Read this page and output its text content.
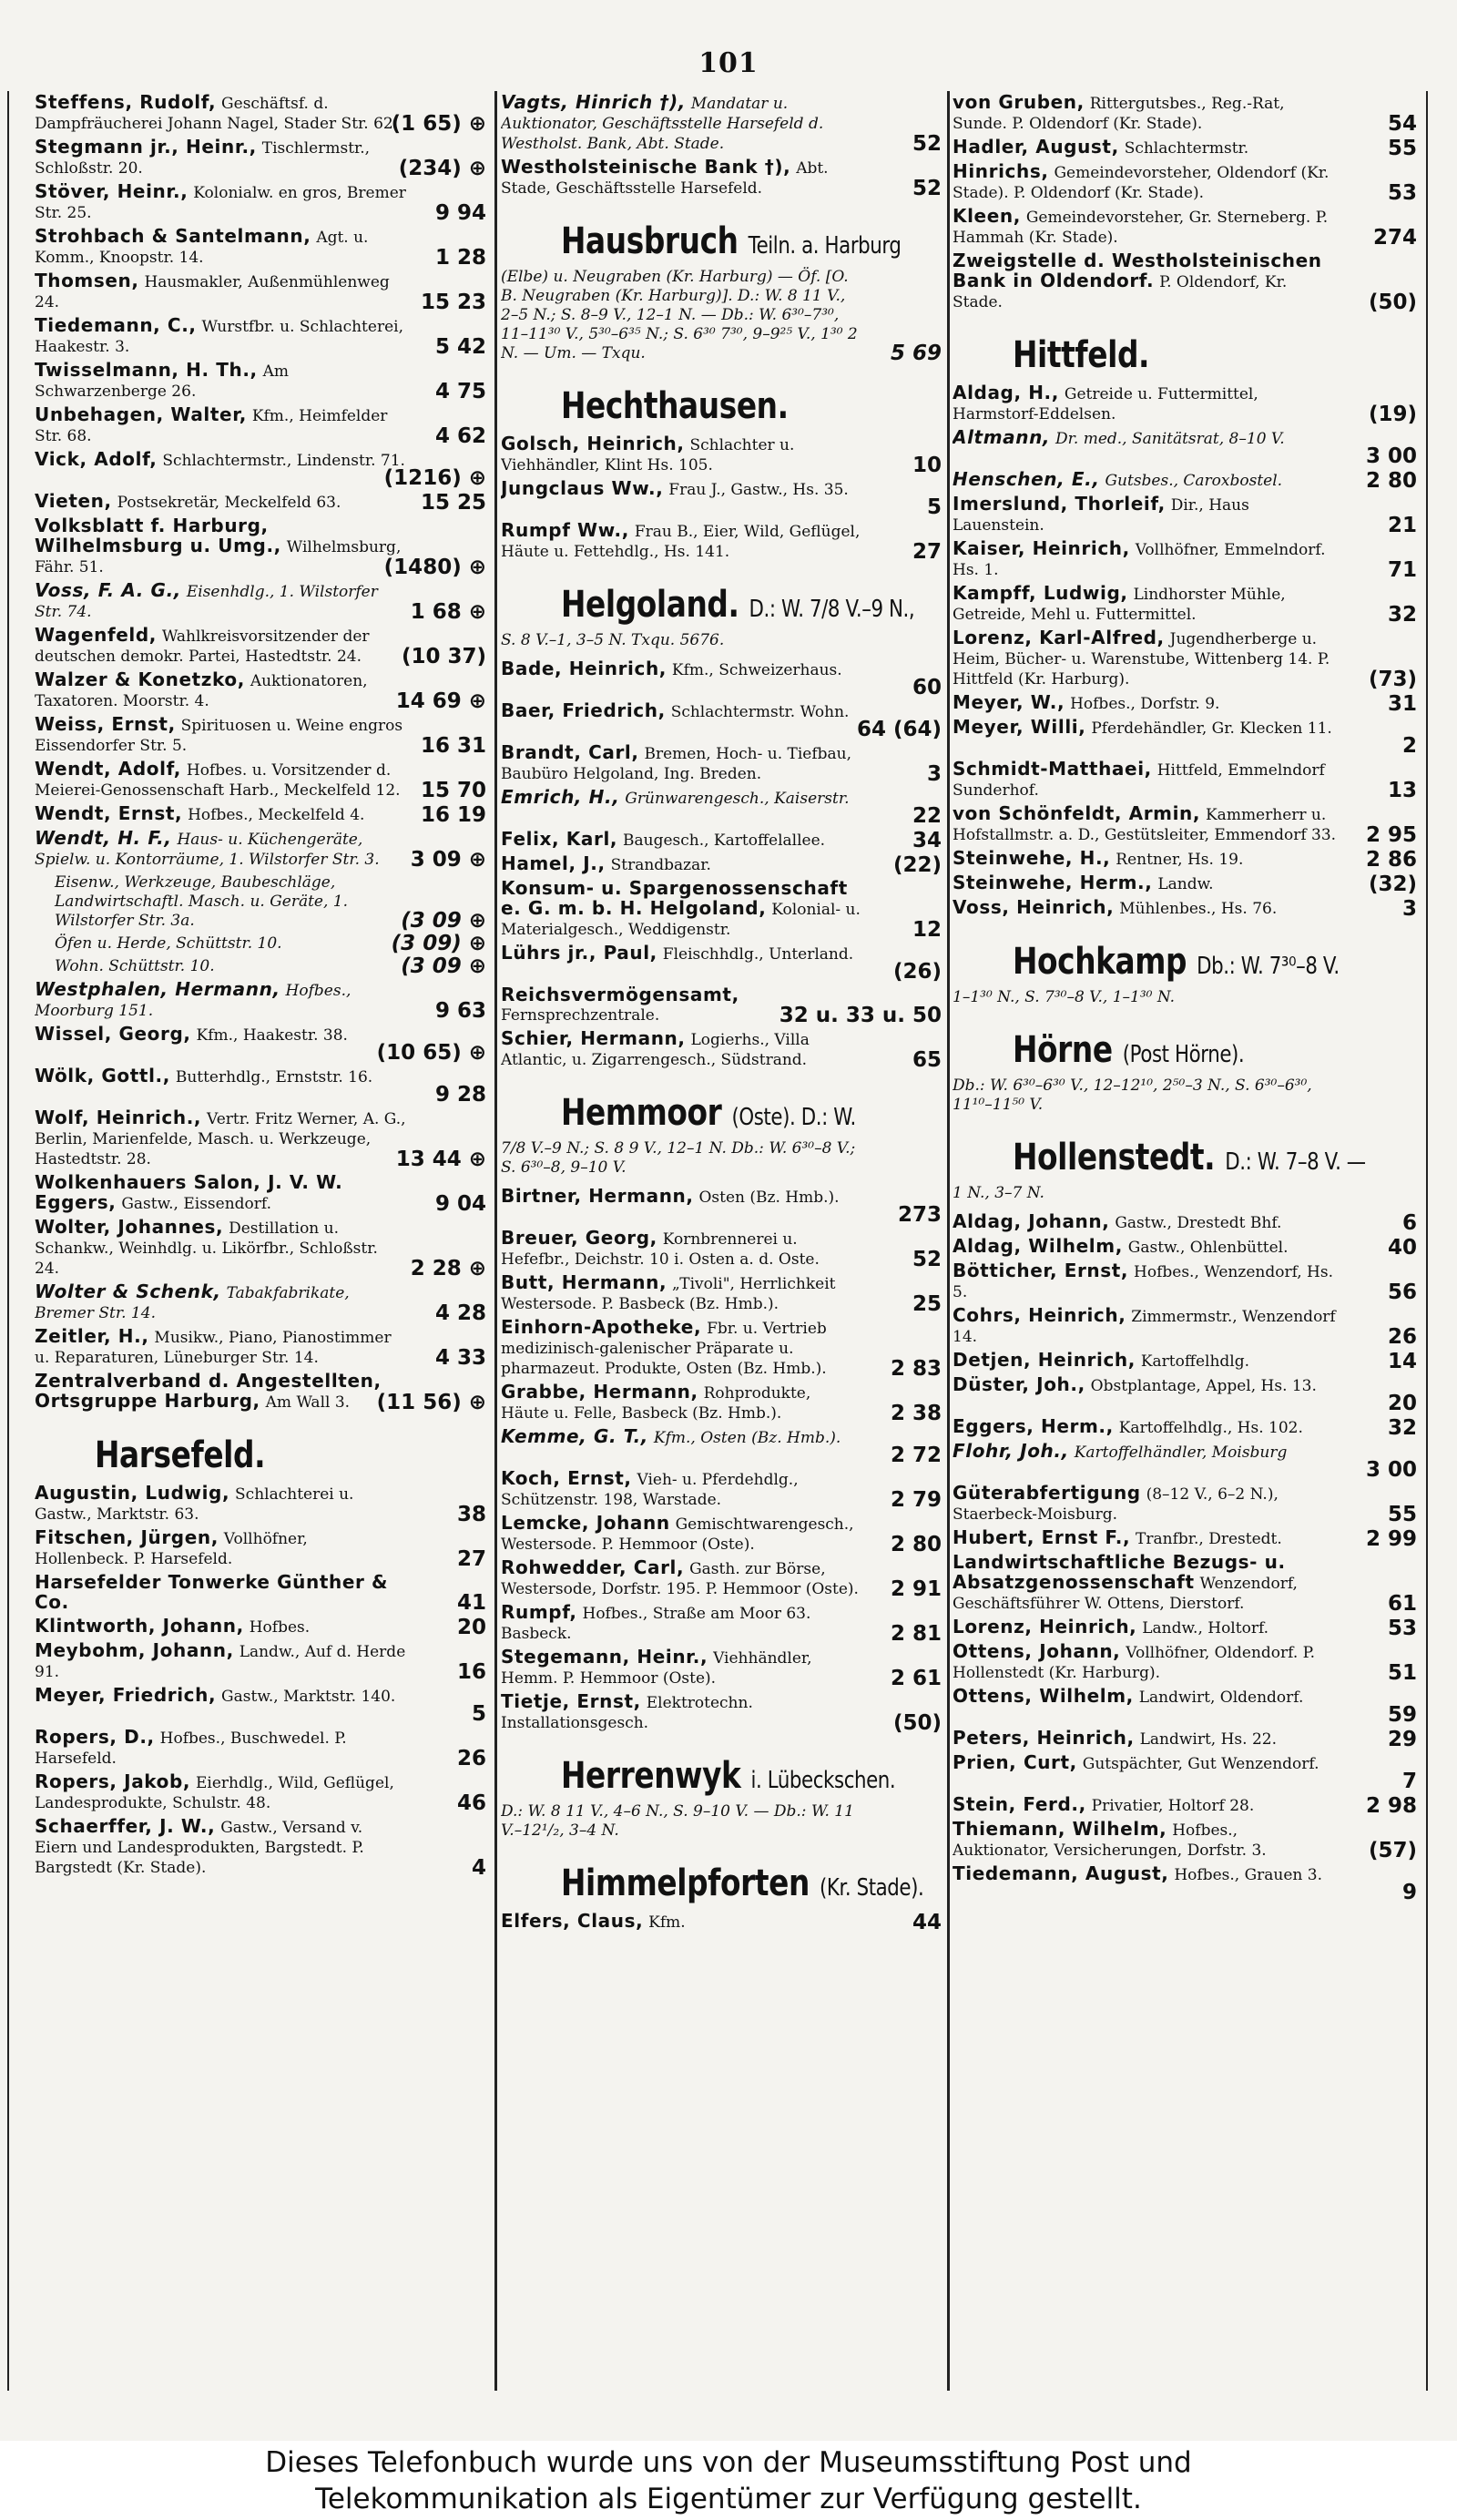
101
Steffens, Rudolf, Geschäftsf. d. Dampfräucherei Johann Nagel, Stader Str. 62.
(1 65) ⊕
Stegmann jr., Heinr., Tischlermstr., Schloßstr. 20.	(234) ⊕
Stöver, Heinr., Kolonialw. en gros, Bremer Str. 25.	9 94
Strohbach & Santelmann, Agt. u. Komm., Knoopstr. 14.	1 28
Thomsen, Hausmakler, Außenmühlenweg 24.	15 23
Tiedemann, C., Wurstfbr. u. Schlachterei, Haakestr. 3.	5 42
Twisselmann, H. Th., Am Schwarzenberge 26.	4 75
Unbehagen, Walter, Kfm., Heimfelder Str. 68.	4 62
Vick, Adolf, Schlachtermstr., Lindenstr. 71.
(1216) ⊕
Vieten, Postsekretär, Meckelfeld 63.	15 25
Volksblatt f. Harburg, Wilhelmsburg u. Umg., Wilhelmsburg, Fähr. 51.	(1480) ⊕
Voss, F. A. G., Eisenhdlg., 1. Wilstorfer Str. 74.	1 68 ⊕
Wagenfeld, Wahlkreisvorsitzender der deutschen demokr. Partei, Hastedtstr. 24. (10 37)
Walzer & Konetzko, Auktionatoren, Taxatoren. Moorstr. 4.	14 69 ⊕
Weiss, Ernst, Spirituosen u. Weine engros Eissendorfer Str. 5.	16 31
Wendt, Adolf, Hofbes. u. Vorsitzender d. Meierei-Genossenschaft Harb., Meckelfeld 12. 15 70
Wendt, Ernst, Hofbes., Meckelfeld 4.	16 19
Wendt, H. F., Haus- u. Küchengeräte, Spielw. u. Kontorräume, 1. Wilstorfer Str. 3. 3 09 ⊕
Eisenw., Werkzeuge, Baubeschläge, Landwirtschaftl. Masch. u. Geräte, 1. Wilstorfer Str. 3a.	(3 09 ⊕
Öfen u. Herde, Schüttstr. 10.	(3 09) ⊕
Wohn. Schüttstr. 10.	(3 09 ⊕
Westphalen, Hermann, Hofbes., Moorburg 151.	9 63
Wissel, Georg, Kfm., Haakestr. 38.
(10 65) ⊕
Wölk, Gottl., Butterhdlg., Ernststr. 16.
9 28
Wolf, Heinrich., Vertr. Fritz Werner, A. G., Berlin, Marienfelde, Masch. u. Werkzeuge, Hastedtstr. 28.	13 44 ⊕
Wolkenhauers Salon, J. V. W. Eggers, Gastw., Eissendorf.	9 04
Wolter, Johannes, Destillation u. Schankw., Weinhdlg. u. Likörfbr., Schloßstr. 24.	2 28 ⊕
Wolter & Schenk, Tabakfabrikate, Bremer Str. 14.	4 28
Zeitler, H., Musikw., Piano, Pianostimmer u. Reparaturen, Lüneburger Str. 14.	4 33
Zentralverband d. Angestellten, Ortsgruppe Harburg, Am Wall 3. (11 56) ⊕
Harsefeld.
Augustin, Ludwig, Schlachterei u. Gastw., Marktstr. 63.	38
Fitschen, Jürgen, Vollhöfner, Hollenbeck. P. Harsefeld.	27
Harsefelder Tonwerke Günther & Co.	41
Klintworth, Johann, Hofbes.	20
Meybohm, Johann, Landw., Auf d. Herde 91.	16
Meyer, Friedrich, Gastw., Marktstr. 140.
5
Ropers, D., Hofbes., Buschwedel. P. Harsefeld.	26
Ropers, Jakob, Eierhdlg., Wild, Geflügel, Landesprodukte, Schulstr. 48.	46
Schaerffer, J. W., Gastw., Versand v. Eiern und Landesprodukten, Bargstedt. P. Bargstedt (Kr. Stade).	4
Vagts, Hinrich †), Mandatar u. Auktionator, Geschäftsstelle Harsefeld d. Westholst. Bank, Abt. Stade.	52
Westholsteinische Bank †), Abt. Stade, Geschäftsstelle Harsefeld.	52
Hausbruch Teiln. a. Harburg
(Elbe) u. Neugraben (Kr. Harburg) — Öf. [O. B. Neugraben (Kr. Harburg)]. D.: W. 8 11 V., 2–5 N.; S. 8–9 V., 12–1 N. — Db.: W. 6³⁰–7³⁰, 11–11³⁰ V., 5³⁰–6³⁵ N.; S. 6³⁰ 7³⁰, 9–9²⁵ V., 1³⁰ 2 N. — Um. — Txqu.	5 69
Hechthausen.
Golsch, Heinrich, Schlachter u. Viehhändler, Klint Hs. 105.	10
Jungclaus Ww., Frau J., Gastw., Hs. 35.
5
Rumpf Ww., Frau B., Eier, Wild, Geflügel, Häute u. Fettehdlg., Hs. 141.	27
Helgoland. D.: W. 7/8 V.–9 N.,
S. 8 V.–1, 3–5 N. Txqu. 5676.
Bade, Heinrich, Kfm., Schweizerhaus.
60
Baer, Friedrich, Schlachtermstr. Wohn.
64 (64)
Brandt, Carl, Bremen, Hoch- u. Tiefbau, Baubüro Helgoland, Ing. Breden.	3
Emrich, H., Grünwarengesch., Kaiserstr.
22
Felix, Karl, Baugesch., Kartoffelallee.	34
Hamel, J., Strandbazar.	(22)
Konsum- u. Spargenossenschaft e. G. m. b. H. Helgoland, Kolonial- u. Materialgesch., Weddigenstr.	12
Lührs jr., Paul, Fleischhdlg., Unterland.
(26)
Reichsvermögensamt, Fernsprechzentrale.	32 u. 33 u. 50
Schier, Hermann, Logierhs., Villa Atlantic, u. Zigarrengesch., Südstrand.	65
Hemmoor (Oste). D.: W.
7/8 V.–9 N.; S. 8 9 V., 12–1 N. Db.: W. 6³⁰–8 V.; S. 6³⁰–8, 9–10 V.
Birtner, Hermann, Osten (Bz. Hmb.).
273
Breuer, Georg, Kornbrennerei u. Hefefbr., Deichstr. 10 i. Osten a. d. Oste.	52
Butt, Hermann, „Tivoli", Herrlichkeit Westersode. P. Basbeck (Bz. Hmb.).	25
Einhorn-Apotheke, Fbr. u. Vertrieb medizinisch-galenischer Präparate u. pharmazeut. Produkte, Osten (Bz. Hmb.).	2 83
Grabbe, Hermann, Rohprodukte, Häute u. Felle, Basbeck (Bz. Hmb.).	2 38
Kemme, G. T., Kfm., Osten (Bz. Hmb.).
2 72
Koch, Ernst, Vieh- u. Pferdehdlg., Schützenstr. 198, Warstade.	2 79
Lemcke, Johann Gemischtwarengesch., Westersode. P. Hemmoor (Oste).	2 80
Rohwedder, Carl, Gasth. zur Börse, Westersode, Dorfstr. 195. P. Hemmoor (Oste). 2 91
Rumpf, Hofbes., Straße am Moor 63. Basbeck.	2 81
Stegemann, Heinr., Viehhändler, Hemm. P. Hemmoor (Oste).	2 61
Tietje, Ernst, Elektrotechn. Installationsgesch.	(50)
Herrenwyk i. Lübeckschen.
D.: W. 8 11 V., 4–6 N., S. 9–10 V. — Db.: W. 11 V.–12¹/₂, 3–4 N.
Himmelpforten (Kr. Stade).
Elfers, Claus, Kfm.	44
von Gruben, Rittergutsbes., Reg.-Rat, Sunde. P. Oldendorf (Kr. Stade).	54
Hadler, August, Schlachtermstr.	55
Hinrichs, Gemeindevorsteher, Oldendorf (Kr. Stade). P. Oldendorf (Kr. Stade).	53
Kleen, Gemeindevorsteher, Gr. Sterneberg. P. Hammah (Kr. Stade).	274
Zweigstelle d. Westholsteinischen Bank in Oldendorf. P. Oldendorf, Kr. Stade.	(50)
Hittfeld.
Aldag, H., Getreide u. Futtermittel, Harmstorf-Eddelsen.	(19)
Altmann, Dr. med., Sanitätsrat, 8–10 V.
3 00
Henschen, E., Gutsbes., Caroxbostel.	2 80
Imerslund, Thorleif, Dir., Haus Lauenstein.	21
Kaiser, Heinrich, Vollhöfner, Emmelndorf. Hs. 1.	71
Kampff, Ludwig, Lindhorster Mühle, Getreide, Mehl u. Futtermittel.	32
Lorenz, Karl-Alfred, Jugendherberge u. Heim, Bücher- u. Warenstube, Wittenberg 14. P. Hittfeld (Kr. Harburg).	(73)
Meyer, W., Hofbes., Dorfstr. 9.	31
Meyer, Willi, Pferdehändler, Gr. Klecken 11.
2
Schmidt-Matthaei, Hittfeld, Emmelndorf Sunderhof.	13
von Schönfeldt, Armin, Kammerherr u. Hofstallmstr. a. D., Gestütsleiter, Emmendorf 33. 2 95
Steinwehe, H., Rentner, Hs. 19.	2 86
Steinwehe, Herm., Landw.	(32)
Voss, Heinrich, Mühlenbes., Hs. 76.	3
Hochkamp Db.: W. 7³⁰–8 V.
1–1³⁰ N., S. 7³⁰–8 V., 1–1³⁰ N.
Hörne (Post Hörne).
Db.: W. 6³⁰–6³⁰ V., 12–12¹⁰, 2⁵⁰–3 N., S. 6³⁰–6³⁰, 11¹⁰–11⁵⁰ V.
Hollenstedt. D.: W. 7–8 V. —
1 N., 3–7 N.
Aldag, Johann, Gastw., Drestedt Bhf.	6
Aldag, Wilhelm, Gastw., Ohlenbüttel.	40
Bötticher, Ernst, Hofbes., Wenzendorf, Hs. 5.	56
Cohrs, Heinrich, Zimmermstr., Wenzendorf 14.	26
Detjen, Heinrich, Kartoffelhdlg.	14
Düster, Joh., Obstplantage, Appel, Hs. 13.
20
Eggers, Herm., Kartoffelhdlg., Hs. 102.	32
Flohr, Joh., Kartoffelhändler, Moisburg
3 00
Güterabfertigung (8–12 V., 6–2 N.), Staerbeck-Moisburg.	55
Hubert, Ernst F., Tranfbr., Drestedt.	2 99
Landwirtschaftliche Bezugs- u. Absatzgenossenschaft Wenzendorf, Geschäftsführer W. Ottens, Dierstorf.	61
Lorenz, Heinrich, Landw., Holtorf.	53
Ottens, Johann, Vollhöfner, Oldendorf. P. Hollenstedt (Kr. Harburg).	51
Ottens, Wilhelm, Landwirt, Oldendorf.
59
Peters, Heinrich, Landwirt, Hs. 22.	29
Prien, Curt, Gutspächter, Gut Wenzendorf.
7
Stein, Ferd., Privatier, Holtorf 28.	2 98
Thiemann, Wilhelm, Hofbes., Auktionator, Versicherungen, Dorfstr. 3.	(57)
Tiedemann, August, Hofbes., Grauen 3.
9
Dieses Telefonbuch wurde uns von der Museumsstiftung Post und
Telekommunikation als Eigentümer zur Verfügung gestellt.
